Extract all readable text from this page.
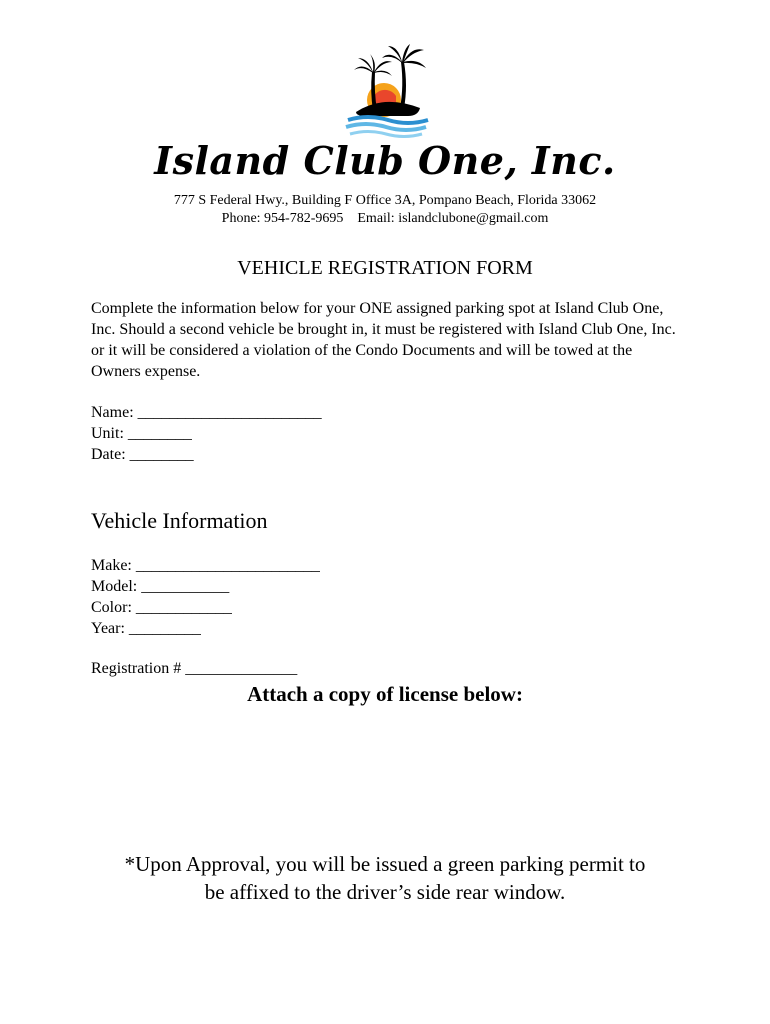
Island Club One, Inc.
777 S Federal Hwy., Building F Office 3A, Pompano Beach, Florida 33062
Phone: 954-782-9695 Email: islandclubone@gmail.com
VEHICLE REGISTRATION FORM
Complete the information below for your ONE assigned parking spot at Island Club One, Inc. Should a second vehicle be brought in, it must be registered with Island Club One, Inc. or it will be considered a violation of the Condo Documents and will be towed at the Owners expense.
Name: _______________________
Unit: ________
Date: ________
Vehicle Information
Make: _______________________
Model: ___________
Color: ____________
Year: _________
Registration # ______________
Attach a copy of license below:
*Upon Approval, you will be issued a green parking permit to
be affixed to the driver’s side rear window.
